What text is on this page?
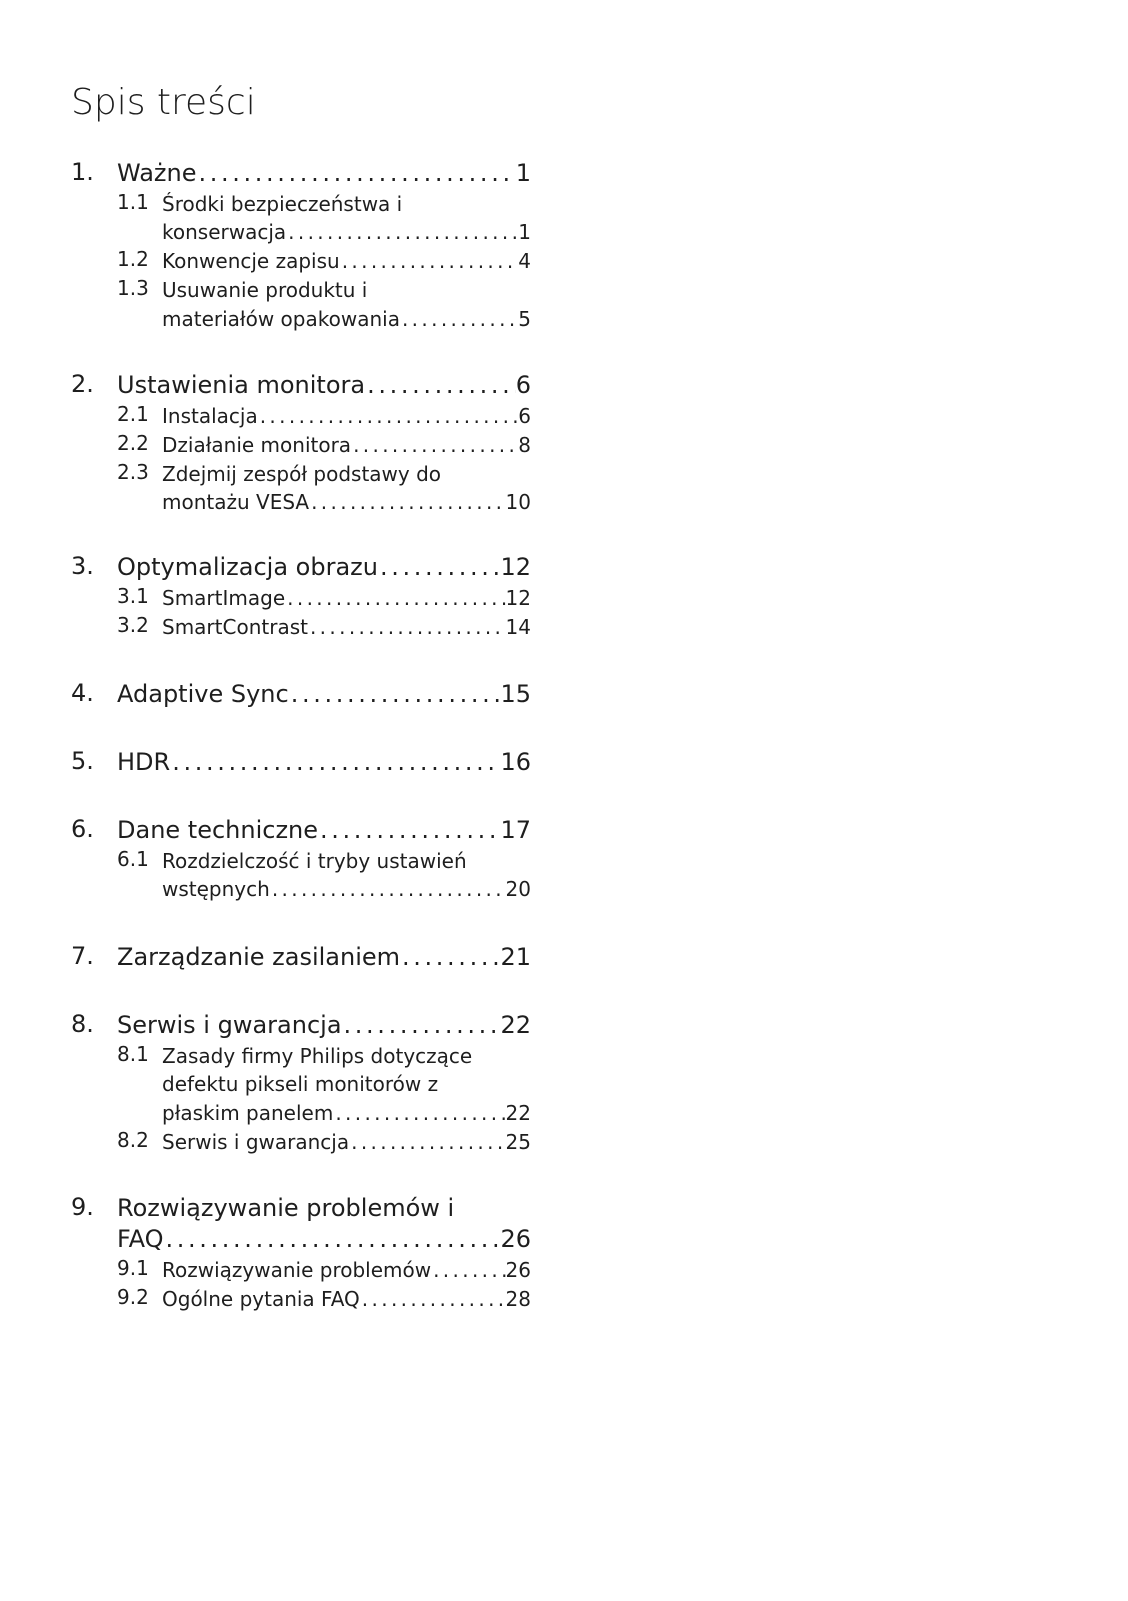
Spis treści
1. Ważne . . .	1
1.1 Środki bezpieczeństwa i
konserwacja . . .	1
1.2 Konwencje zapisu . . .	4
1.3 Usuwanie produktu i
materiałów opakowania . . .	5
2. Ustawienia monitora . . .	6
2.1 Instalacja . . .	6
2.2 Działanie monitora . . .	8
2.3 Zdejmij zespół podstawy do
montażu VESA . . .	10
3. Optymalizacja obrazu . . .	12
3.1 SmartImage . . .	12
3.2 SmartContrast . . .	14
4. Adaptive Sync . . .	15
5. HDR . . .	16
6. Dane techniczne . . .	17
6.1 Rozdzielczość i tryby ustawień
wstępnych . . .	20
7. Zarządzanie zasilaniem . . .	21
8. Serwis i gwarancja . . .	22
8.1 Zasady firmy Philips dotyczące
defektu pikseli monitorów z
płaskim panelem . . .	22
8.2 Serwis i gwarancja . . .	25
9. Rozwiązywanie problemów i
FAQ . . .	26
9.1 Rozwiązywanie problemów . . .	26
9.2 Ogólne pytania FAQ . . .	28
